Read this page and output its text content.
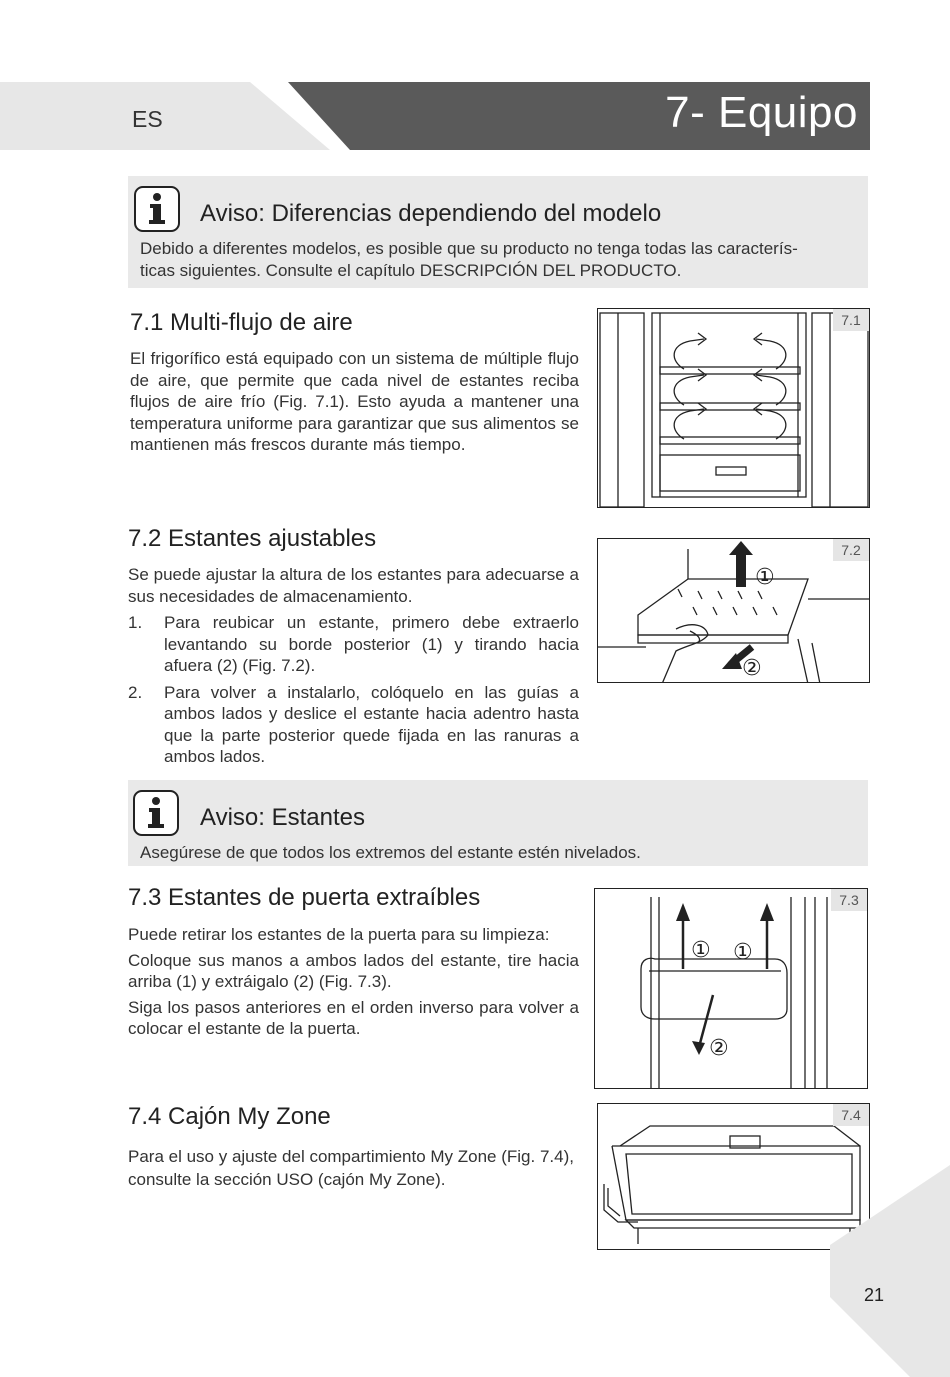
ES	7- Equipo
Aviso: Diferencias dependiendo del modelo
Debido a diferentes modelos, es posible que su producto no tenga todas las caracterís-
ticas siguientes. Consulte el capítulo DESCRIPCIÓN DEL PRODUCTO.
7.1 Multi-flujo de aire
El frigorífico está equipado con un sistema de múltiple flujo de aire, que permite que cada nivel de estantes reciba flujos de aire frío (Fig. 7.1). Esto ayuda a mantener una temperatura uniforme para garantizar que sus alimentos se mantienen más frescos durante más tiempo.
7.1
7.2 Estantes ajustables
Se puede ajustar la altura de los estantes para adecuarse a sus necesidades de almacenamiento.
1. Para reubicar un estante, primero debe extraerlo levantando su borde posterior (1) y tirando hacia afuera (2) (Fig. 7.2).
2. Para volver a instalarlo, colóquelo en las guías a ambos lados y deslice el estante hacia adentro hasta que la parte posterior quede fijada en las ranuras a ambos lados.
①
②
7.2
Aviso: Estantes
Asegúrese de que todos los extremos del estante estén nivelados.
7.3 Estantes de puerta extraíbles

Puede retirar los estantes de la puerta para su limpieza:

Coloque sus manos a ambos lados del estante, tire hacia arriba (1) y extráigalo (2) (Fig. 7.3).

Siga los pasos anteriores en el orden inverso para volver a colocar el estante de la puerta.

① ①
②
7.3
7.4 Cajón My Zone
Para el uso y ajuste del compartimiento My Zone (Fig. 7.4), consulte la sección USO (cajón My Zone).
7.4
21
